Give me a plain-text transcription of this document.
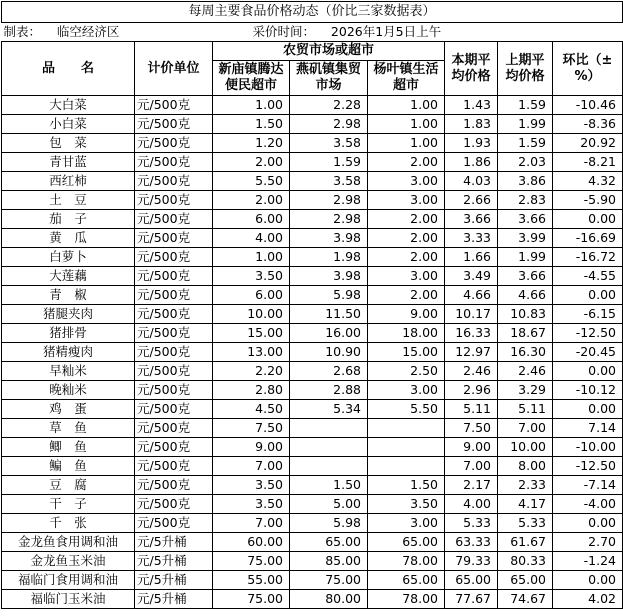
每周主要食品价格动态（价比三家数据表）							
制表： 临空经济区		采价时间： 2026年1月5日上午					
品　　名	计价单位	农贸市场或超市			本期平均价格	上期平均价格	环比（±%）
		新庙镇腾达便民超市	燕矶镇集贸市场	杨叶镇生活超市			
大白菜	元/500克	1.00	2.28	1.00	1.43	1.59	-10.46
小白菜	元/500克	1.50	2.98	1.00	1.83	1.99	-8.36
包　菜	元/500克	1.20	3.58	1.00	1.93	1.59	20.92
青甘蓝	元/500克	2.00	1.59	2.00	1.86	2.03	-8.21
西红柿	元/500克	5.50	3.58	3.00	4.03	3.86	4.32
土　豆	元/500克	2.00	2.98	3.00	2.66	2.83	-5.90
茄　子	元/500克	6.00	2.98	2.00	3.66	3.66	0.00
黄　瓜	元/500克	4.00	3.98	2.00	3.33	3.99	-16.69
白萝卜	元/500克	1.00	1.98	2.00	1.66	1.99	-16.72
大莲藕	元/500克	3.50	3.98	3.00	3.49	3.66	-4.55
青　椒	元/500克	6.00	5.98	2.00	4.66	4.66	0.00
猪腿夹肉	元/500克	10.00	11.50	9.00	10.17	10.83	-6.15
猪排骨	元/500克	15.00	16.00	18.00	16.33	18.67	-12.50
猪精瘦肉	元/500克	13.00	10.90	15.00	12.97	16.30	-20.45
早籼米	元/500克	2.20	2.68	2.50	2.46	2.46	0.00
晚籼米	元/500克	2.80	2.88	3.00	2.96	3.29	-10.12
鸡　蛋	元/500克	4.50	5.34	5.50	5.11	5.11	0.00
草　鱼	元/500克	7.50			7.50	7.00	7.14
鲫　鱼	元/500克	9.00			9.00	10.00	-10.00
鳊　鱼	元/500克	7.00			7.00	8.00	-12.50
豆　腐	元/500克	3.50	1.50	1.50	2.17	2.33	-7.14
干　子	元/500克	3.50	5.00	3.50	4.00	4.17	-4.00
千　张	元/500克	7.00	5.98	3.00	5.33	5.33	0.00
金龙鱼食用调和油	元/5升桶	60.00	65.00	65.00	63.33	61.67	2.70
金龙鱼玉米油	元/5升桶	75.00	85.00	78.00	79.33	80.33	-1.24
福临门食用调和油	元/5升桶	55.00	75.00	65.00	65.00	65.00	0.00
福临门玉米油	元/5升桶	75.00	80.00	78.00	77.67	74.67	4.02
